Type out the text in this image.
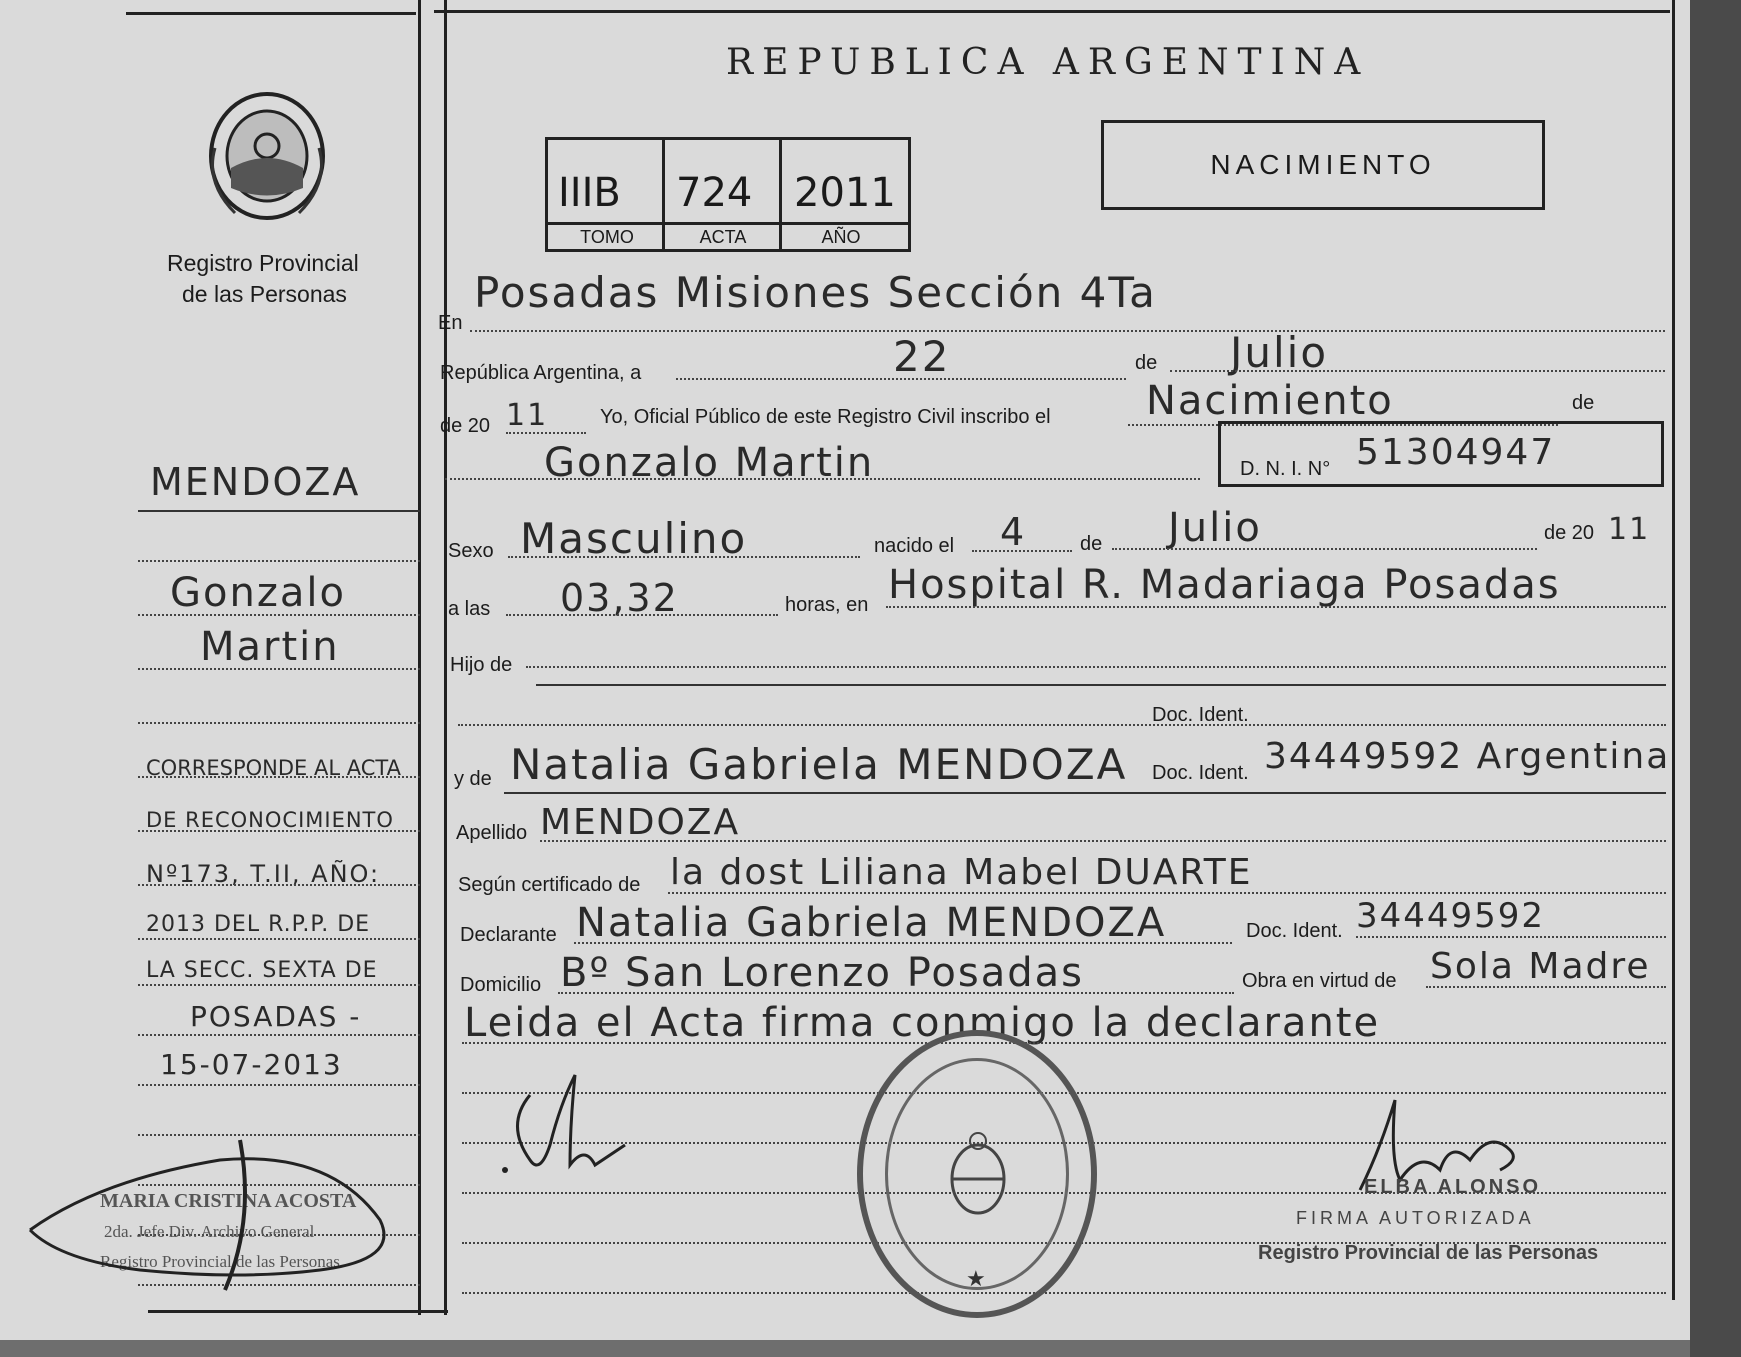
Registro Provincial
de las Personas
REPUBLICA ARGENTINA
IIIB 724 2011
TOMO	ACTA	AÑO
NACIMIENTO
En
Posadas Misiones Sección 4Ta
República Argentina, a	22	de Julio
de 20 11	Yo, Oficial Público de este Registro Civil inscribo el Nacimiento	de
Gonzalo Martin	D. N. I. N° 51304947
Sexo Masculino	nacido el 4	de Julio	de 20 11
a las 03,32	horas, en Hospital R. Madariaga Posadas
Hijo de
Doc. Ident.
y de Natalia Gabriela MENDOZA Doc. Ident. 34449592 Argentina
Apellido MENDOZA
Según certificado de la dost Liliana Mabel DUARTE
Declarante Natalia Gabriela MENDOZA	Doc. Ident. 34449592
Domicilio Bº San Lorenzo Posadas	Obra en virtud de Sola Madre
Leida el Acta firma conmigo la declarante
MENDOZA
Gonzalo
Martin
CORRESPONDE AL ACTA
DE RECONOCIMIENTO
Nº173, T.II, AÑO:
2013 DEL R.P.P. DE
LA SECC. SEXTA DE
POSADAS -
15-07-2013
MARIA CRISTINA ACOSTA
2da. Jefe Div. Archivo General
Registro Provincial de las Personas
★
ELBA ALONSO
FIRMA AUTORIZADA
Registro Provincial de las Personas
